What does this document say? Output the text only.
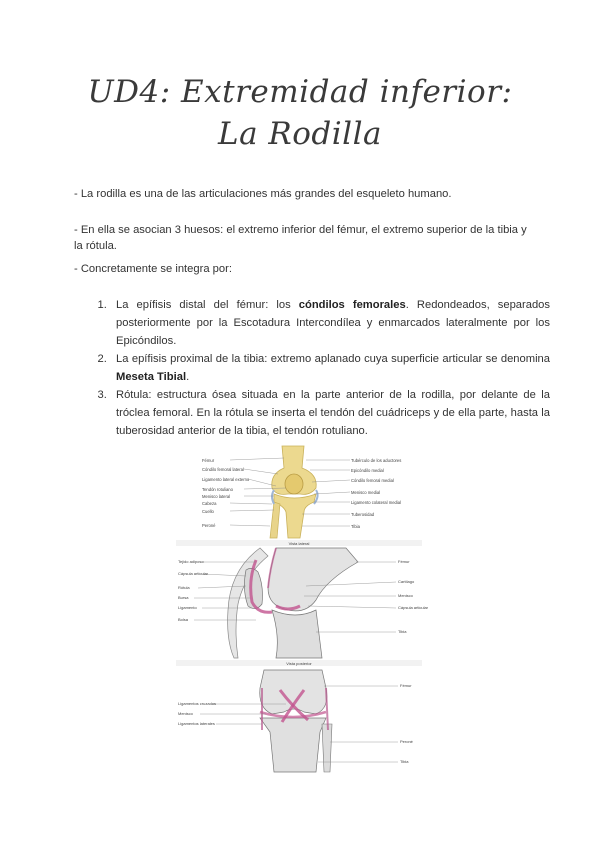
UD4: Extremidad inferior:
La Rodilla
- La rodilla es una de las articulaciones más grandes del esqueleto humano.
- En ella se asocian 3 huesos: el extremo inferior del fémur, el extremo superior de la tibia y la rótula.
- Concretamente se integra por:
1. La epífisis distal del fémur: los cóndilos femorales. Redondeados, separados posteriormente por la Escotadura Intercondílea y enmarcados lateralmente por los Epicóndilos.
2. La epífisis proximal de la tibia: extremo aplanado cuya superficie articular se denomina Meseta Tibial.
3. Rótula: estructura ósea situada en la parte anterior de la rodilla, por delante de la tróclea femoral. En la rótula se inserta el tendón del cuádriceps y de ella parte, hasta la tuberosidad anterior de la tibia, el tendón rotuliano.
Fémur
Cóndilo femoral lateral
Ligamento lateral externo
Tendón rotuliano
Menisco lateral
Cabeza
Cuello
Peroné
Tubérculo de los aductores
Epicóndilo medial
Cóndilo femoral medial
Menisco medial
Ligamento colateral medial
Tuberosidad
Tibia
Vista lateral
Tejido adiposo
Cápsula articular
Rótula
Bursa
Ligamento
Bolsa
Fémur
Cartílago
Menisco
Cápsula articular
Tibia
Vista posterior
Ligamentos cruzados
Menisco
Ligamentos laterales
Fémur
Peroné
Tibia
